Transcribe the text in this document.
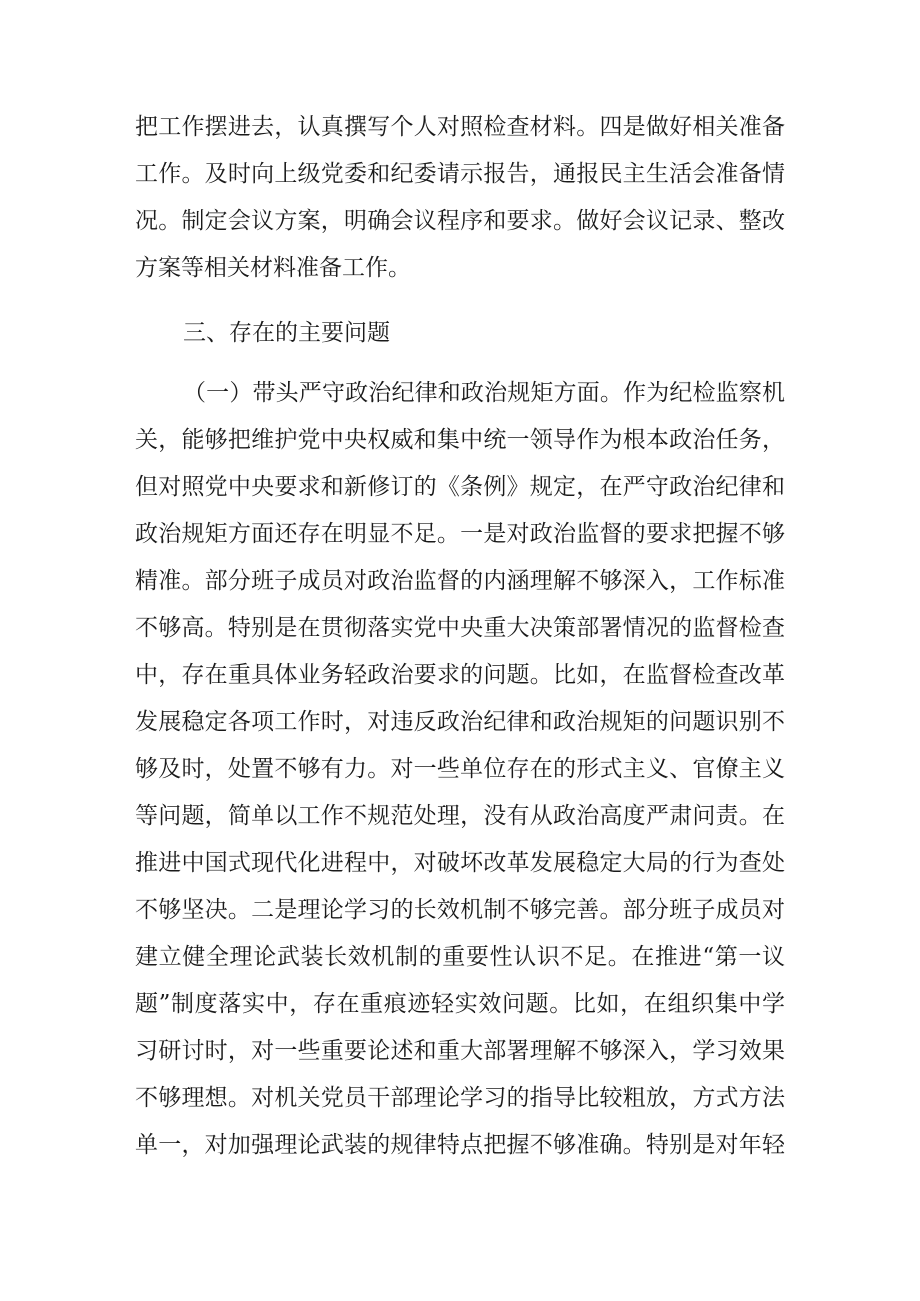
把工作摆进去，认真撰写个人对照检查材料。四是做好相关准备
工作。及时向上级党委和纪委请示报告，通报民主生活会准备情
况。制定会议方案，明确会议程序和要求。做好会议记录、整改
方案等相关材料准备工作。
三、存在的主要问题
（一）带头严守政治纪律和政治规矩方面。作为纪检监察机
关，能够把维护党中央权威和集中统一领导作为根本政治任务，
但对照党中央要求和新修订的《条例》规定，在严守政治纪律和
政治规矩方面还存在明显不足。一是对政治监督的要求把握不够
精准。部分班子成员对政治监督的内涵理解不够深入，工作标准
不够高。特别是在贯彻落实党中央重大决策部署情况的监督检查
中，存在重具体业务轻政治要求的问题。比如，在监督检查改革
发展稳定各项工作时，对违反政治纪律和政治规矩的问题识别不
够及时，处置不够有力。对一些单位存在的形式主义、官僚主义
等问题，简单以工作不规范处理，没有从政治高度严肃问责。在
推进中国式现代化进程中，对破坏改革发展稳定大局的行为查处
不够坚决。二是理论学习的长效机制不够完善。部分班子成员对
建立健全理论武装长效机制的重要性认识不足。在推进“第一议
题”制度落实中，存在重痕迹轻实效问题。比如，在组织集中学
习研讨时，对一些重要论述和重大部署理解不够深入，学习效果
不够理想。对机关党员干部理论学习的指导比较粗放，方式方法
单一，对加强理论武装的规律特点把握不够准确。特别是对年轻
